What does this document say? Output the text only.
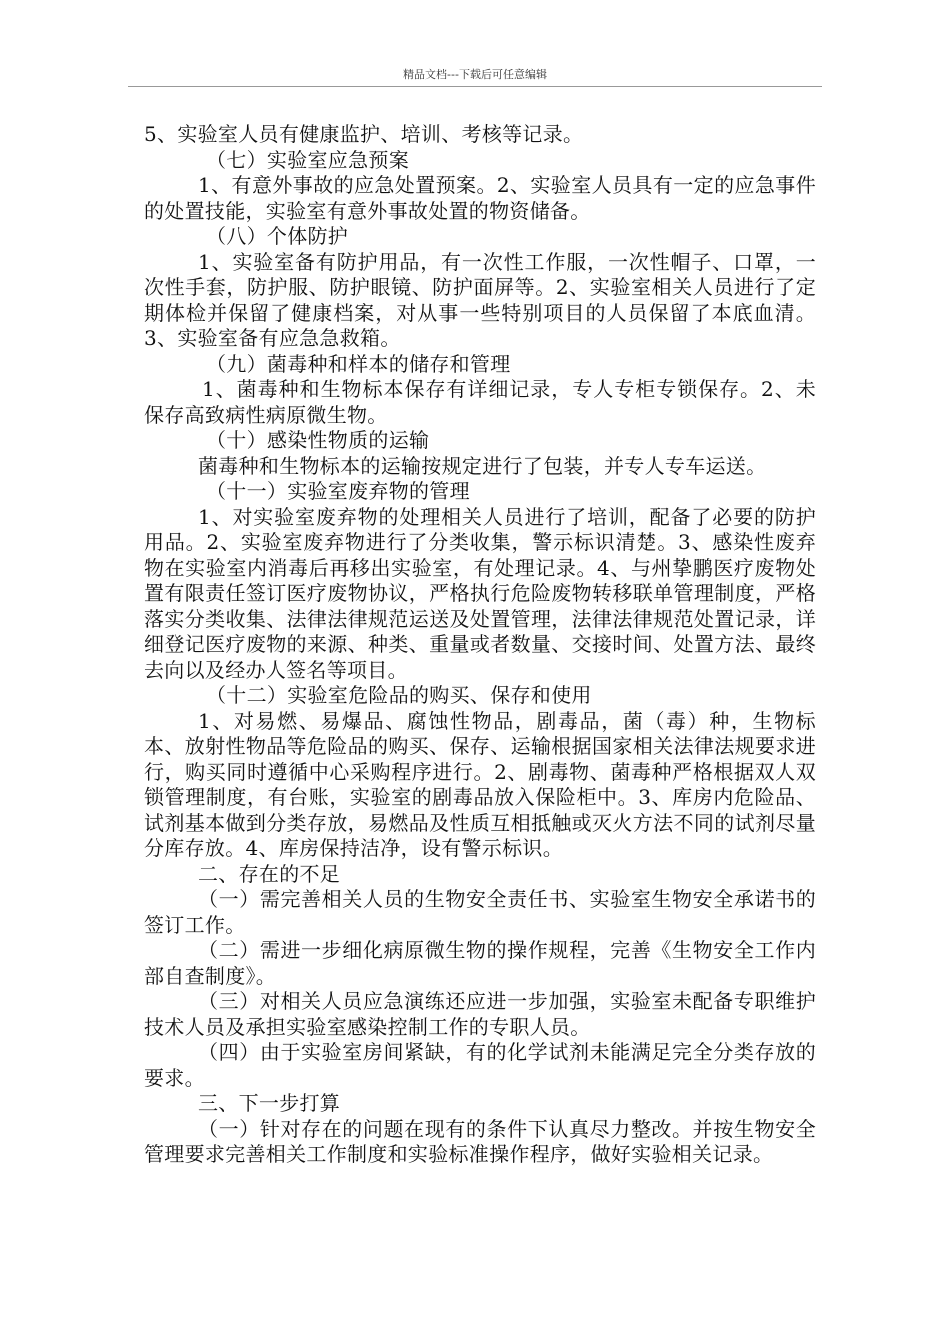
精品文档---下载后可任意编辑

5、实验室人员有健康监护、培训、考核等记录。

（七）实验室应急预案

1、有意外事故的应急处置预案。2、实验室人员具有一定的应急事件的处置技能，实验室有意外事故处置的物资储备。

（八）个体防护

1、实验室备有防护用品，有一次性工作服，一次性帽子、口罩，一次性手套，防护服、防护眼镜、防护面屏等。2、实验室相关人员进行了定期体检并保留了健康档案，对从事一些特别项目的人员保留了本底血清。3、实验室备有应急急救箱。

（九）菌毒种和样本的储存和管理

1、菌毒种和生物标本保存有详细记录，专人专柜专锁保存。2、未保存高致病性病原微生物。

（十）感染性物质的运输

菌毒种和生物标本的运输按规定进行了包装，并专人专车运送。

（十一）实验室废弃物的管理

1、对实验室废弃物的处理相关人员进行了培训，配备了必要的防护用品。2、实验室废弃物进行了分类收集，警示标识清楚。3、感染性废弃物在实验室内消毒后再移出实验室，有处理记录。4、与州挚鹏医疗废物处置有限责任签订医疗废物协议，严格执行危险废物转移联单管理制度，严格落实分类收集、法律法律规范运送及处置管理，法律法律规范处置记录，详细登记医疗废物的来源、种类、重量或者数量、交接时间、处置方法、最终去向以及经办人签名等项目。

（十二）实验室危险品的购买、保存和使用

1、对易燃、易爆品、腐蚀性物品，剧毒品，菌（毒）种，生物标本、放射性物品等危险品的购买、保存、运输根据国家相关法律法规要求进行，购买同时遵循中心采购程序进行。2、剧毒物、菌毒种严格根据双人双锁管理制度，有台账，实验室的剧毒品放入保险柜中。3、库房内危险品、试剂基本做到分类存放，易燃品及性质互相抵触或灭火方法不同的试剂尽量分库存放。4、库房保持洁净，设有警示标识。

二、存在的不足

（一）需完善相关人员的生物安全责任书、实验室生物安全承诺书的签订工作。

（二）需进一步细化病原微生物的操作规程，完善《生物安全工作内部自查制度》。

（三）对相关人员应急演练还应进一步加强，实验室未配备专职维护技术人员及承担实验室感染控制工作的专职人员。

（四）由于实验室房间紧缺，有的化学试剂未能满足完全分类存放的要求。

三、下一步打算

（一）针对存在的问题在现有的条件下认真尽力整改。并按生物安全管理要求完善相关工作制度和实验标准操作程序，做好实验相关记录。
